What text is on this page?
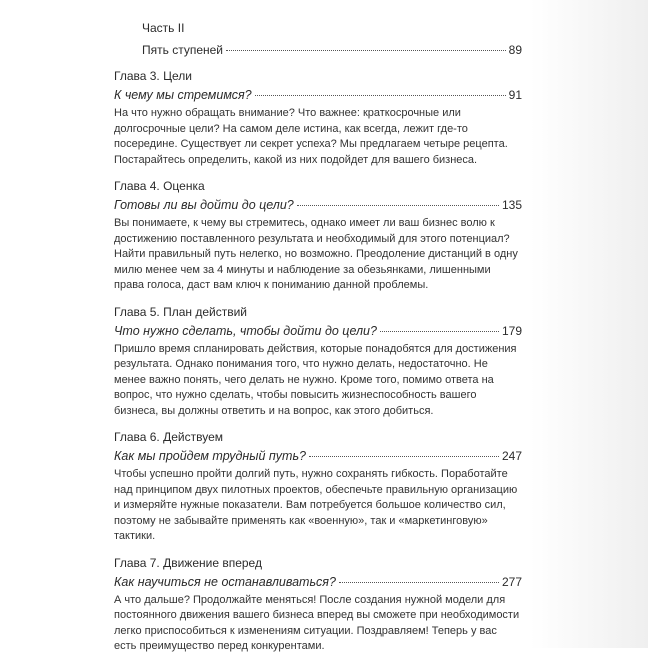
Часть II
Пять ступеней	89
Глава 3. Цели
К чему мы стремимся?	91
На что нужно обращать внимание? Что важнее: краткосрочные или долгосрочные цели? На самом деле истина, как всегда, лежит где-то посередине. Существует ли секрет успеха? Мы предлагаем четыре рецепта. Постарайтесь определить, какой из них подойдет для вашего бизнеса.
Глава 4. Оценка
Готовы ли вы дойти до цели?	135
Вы понимаете, к чему вы стремитесь, однако имеет ли ваш бизнес волю к достижению поставленного результата и необходимый для этого потенциал? Найти правильный путь нелегко, но возможно. Преодоление дистанций в одну милю менее чем за 4 минуты и наблюдение за обезьянками, лишенными права голоса, даст вам ключ к пониманию данной проблемы.
Глава 5. План действий
Что нужно сделать, чтобы дойти до цели?	179
Пришло время спланировать действия, которые понадобятся для достижения результата. Однако понимания того, что нужно делать, недостаточно. Не менее важно понять, чего делать не нужно. Кроме того, помимо ответа на вопрос, что нужно сделать, чтобы повысить жизнеспособность вашего бизнеса, вы должны ответить и на вопрос, как этого добиться.
Глава 6. Действуем
Как мы пройдем трудный путь?	247
Чтобы успешно пройти долгий путь, нужно сохранять гибкость. Поработайте над принципом двух пилотных проектов, обеспечьте правильную организацию и измеряйте нужные показатели. Вам потребуется большое количество сил, поэтому не забывайте применять как «военную», так и «маркетинговую» тактики.
Глава 7. Движение вперед
Как научиться не останавливаться?	277
А что дальше? Продолжайте меняться! После создания нужной модели для постоянного движения вашего бизнеса вперед вы сможете при необходимости легко приспособиться к изменениям ситуации. Поздравляем! Теперь у вас есть преимущество перед конкурентами.
